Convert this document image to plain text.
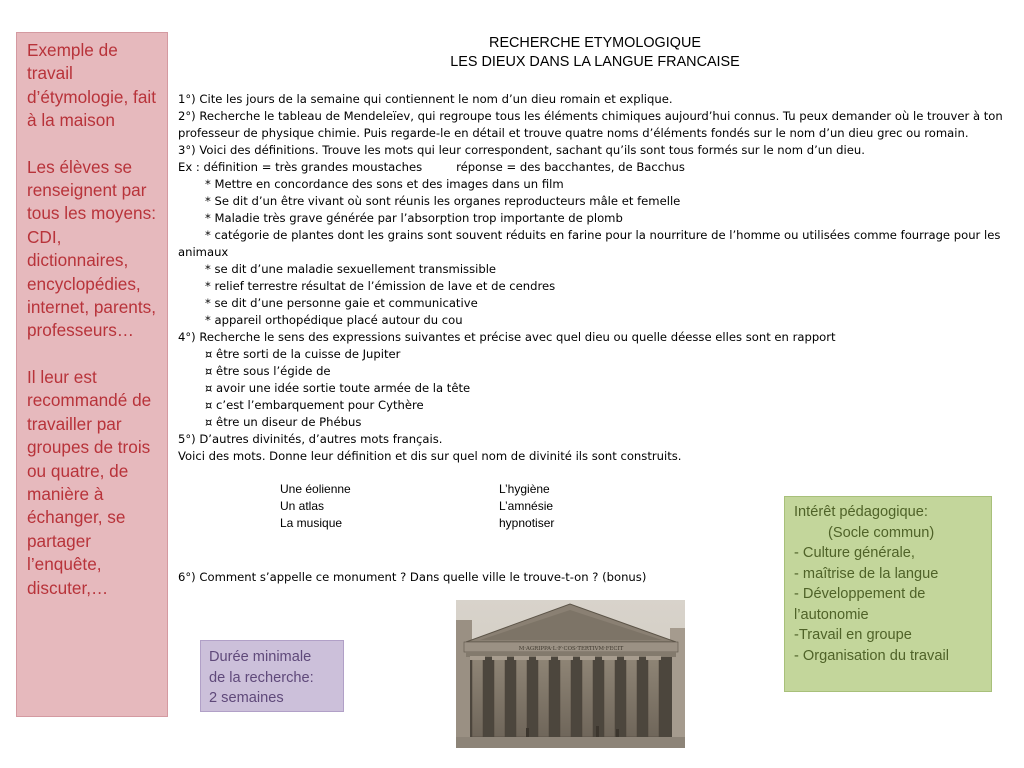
Exemple de travail d’étymologie, fait à la maison

Les élèves se renseignent par tous les moyens: CDI, dictionnaires, encyclopédies, internet, parents, professeurs…

Il leur est recommandé de travailler par groupes de trois ou quatre, de manière à échanger, se partager l’enquête, discuter,…

RECHERCHE ETYMOLOGIQUE
LES DIEUX DANS LA LANGUE FRANCAISE
1°) Cite les jours de la semaine qui contiennent le nom d’un dieu romain et explique.
2°) Recherche le tableau de Mendeleïev, qui regroupe tous les éléments chimiques aujourd’hui connus. Tu peux demander où le trouver à ton professeur de physique chimie. Puis regarde-le en détail et trouve quatre noms d’éléments fondés sur le nom d’un dieu grec ou romain.
3°) Voici des définitions. Trouve les mots qui leur correspondent, sachant qu’ils sont tous formés sur le nom d’un dieu.
Ex : définition = très grandes moustaches	réponse = des bacchantes, de Bacchus
* Mettre en concordance des sons et des images dans un film
* Se dit d’un être vivant où sont réunis les organes reproducteurs mâle et femelle
* Maladie très grave générée par l’absorption trop importante de plomb
* catégorie de plantes dont les grains sont souvent réduits en farine pour la nourriture de l’homme ou utilisées comme fourrage pour les animaux
* se dit d’une maladie sexuellement transmissible
* relief terrestre résultat de l’émission de lave et de cendres
* se dit d’une personne gaie et communicative
* appareil orthopédique placé autour du cou
4°) Recherche le sens des expressions suivantes et précise avec quel dieu ou quelle déesse elles sont en rapport
¤ être sorti de la cuisse de Jupiter
¤ être sous l’égide de
¤ avoir une idée sortie toute armée de la tête
¤ c’est l’embarquement pour Cythère
¤ être un diseur de Phébus
5°) D’autres divinités, d’autres mots français.
Voici des mots. Donne leur définition et dis sur quel nom de divinité ils sont construits.
Une éolienne	L’hygiène
Un atlas	L’amnésie
La musique	hypnotiser
6°) Comment s’appelle ce monument ? Dans quelle ville le trouve-t-on ? (bonus)
M·AGRIPPA·L·F·COS·TERTIVM·FECIT
Durée minimale
de la recherche:
2 semaines
Intérêt pédagogique:
(Socle commun)
- Culture générale,
- maîtrise de la langue
- Développement de l’autonomie
-Travail en groupe
- Organisation du travail
